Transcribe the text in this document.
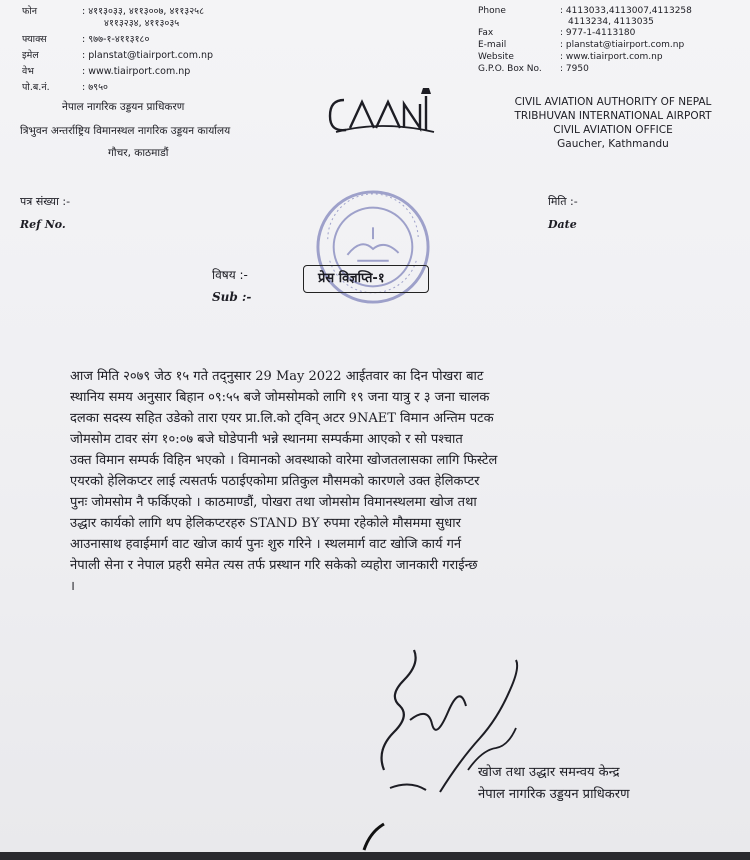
फोन	: ४११३०३३, ४११३००७, ४११३२५८
४११३२३४, ४११३०३५
फ्याक्स	: ९७७-१-४११३१८०
इमेल	: planstat@tiairport.com.np
वेभ	: www.tiairport.com.np
पो.ब.नं.	: ७९५०
नेपाल नागरिक उड्डयन प्राधिकरण
त्रिभुवन अन्तर्राष्ट्रिय विमानस्थल नागरिक उड्डयन कार्यालय
गौचर, काठमाडौं
Phone	: 4113033,4113007,4113258
4113234, 4113035
Fax	: 977-1-4113180
E-mail	: planstat@tiairport.com.np
Website	: www.tiairport.com.np
G.P.O. Box No. : 7950
CIVIL AVIATION AUTHORITY OF NEPAL
TRIBHUVAN INTERNATIONAL AIRPORT
CIVIL AVIATION OFFICE
Gaucher, Kathmandu
पत्र संख्या :-
Ref No.
मिति :-
Date
विषय :-
Sub :-
प्रेस विज्ञप्ति-१

आज मिति २०७९ जेठ १५ गते तद्नुसार 29 May 2022 आईतवार का दिन पोखरा बाट

स्थानिय समय अनुसार बिहान ०९:५५ बजे जोमसोमको लागि १९ जना यात्रु र ३ जना चालक

दलका सदस्य सहित उडेको तारा एयर प्रा.लि.को ट्विन् अटर 9NAET विमान अन्तिम पटक

जोमसोम टावर संग १०:०७ बजे घोडेपानी भन्ने स्थानमा सम्पर्कमा आएको र सो पश्चात

उक्त विमान सम्पर्क विहिन भएको । विमानको अवस्थाको वारेमा खोजतलासका लागि फिस्टेल

एयरको हेलिकप्टर लाई त्यसतर्फ पठाईएकोमा प्रतिकुल मौसमको कारणले उक्त हेलिकप्टर

पुनः जोमसोम नै फर्किएको । काठमाण्डौं, पोखरा तथा जोमसोम विमानस्थलमा खोज तथा

उद्धार कार्यको लागि थप हेलिकप्टरहरु STAND BY रुपमा रहेकोले मौसममा सुधार

आउनासाथ हवाईमार्ग वाट खोज कार्य पुनः शुरु गरिने । स्थलमार्ग वाट खोजि कार्य गर्न

नेपाली सेना र नेपाल प्रहरी समेत त्यस तर्फ प्रस्थान गरि सकेको व्यहोरा जानकारी गराईन्छ

।

खोज तथा उद्धार समन्वय केन्द्र
नेपाल नागरिक उड्डयन प्राधिकरण
